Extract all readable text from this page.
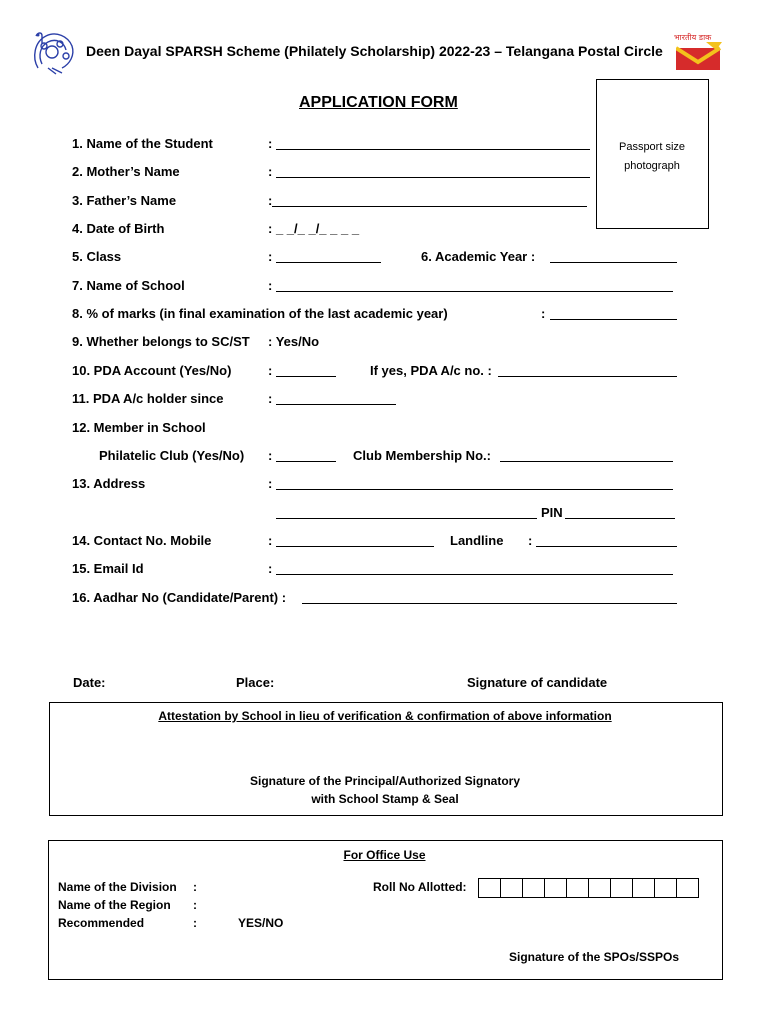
Deen Dayal SPARSH Scheme (Philately Scholarship) 2022-23 – Telangana Postal Circle
भारतीय डाक
APPLICATION FORM
Passport size
photograph
1. Name of the Student	:
2. Mother’s Name	:
3. Father’s Name	:
4. Date of Birth	: _ _/_ _/_ _ _ _
5. Class	:	6. Academic Year :
7. Name of School	:
8. % of marks (in final examination of the last academic year)	:
9. Whether belongs to SC/ST : Yes/No
10. PDA Account (Yes/No)	:	If yes, PDA A/c no. :
11. PDA A/c holder since	:
12. Member in School
Philatelic Club (Yes/No) :	Club Membership No.:
13. Address	:
PIN
14. Contact No. Mobile	:	Landline :
15. Email Id	:
16. Aadhar No (Candidate/Parent) :
Date:	Place:	Signature of candidate
Attestation by School in lieu of verification & confirmation of above information
Signature of the Principal/Authorized Signatory
with School Stamp & Seal
For Office Use
Name of the Division :
Name of the Region :
Recommended	:	YES/NO
Roll No Allotted:
Signature of the SPOs/SSPOs
